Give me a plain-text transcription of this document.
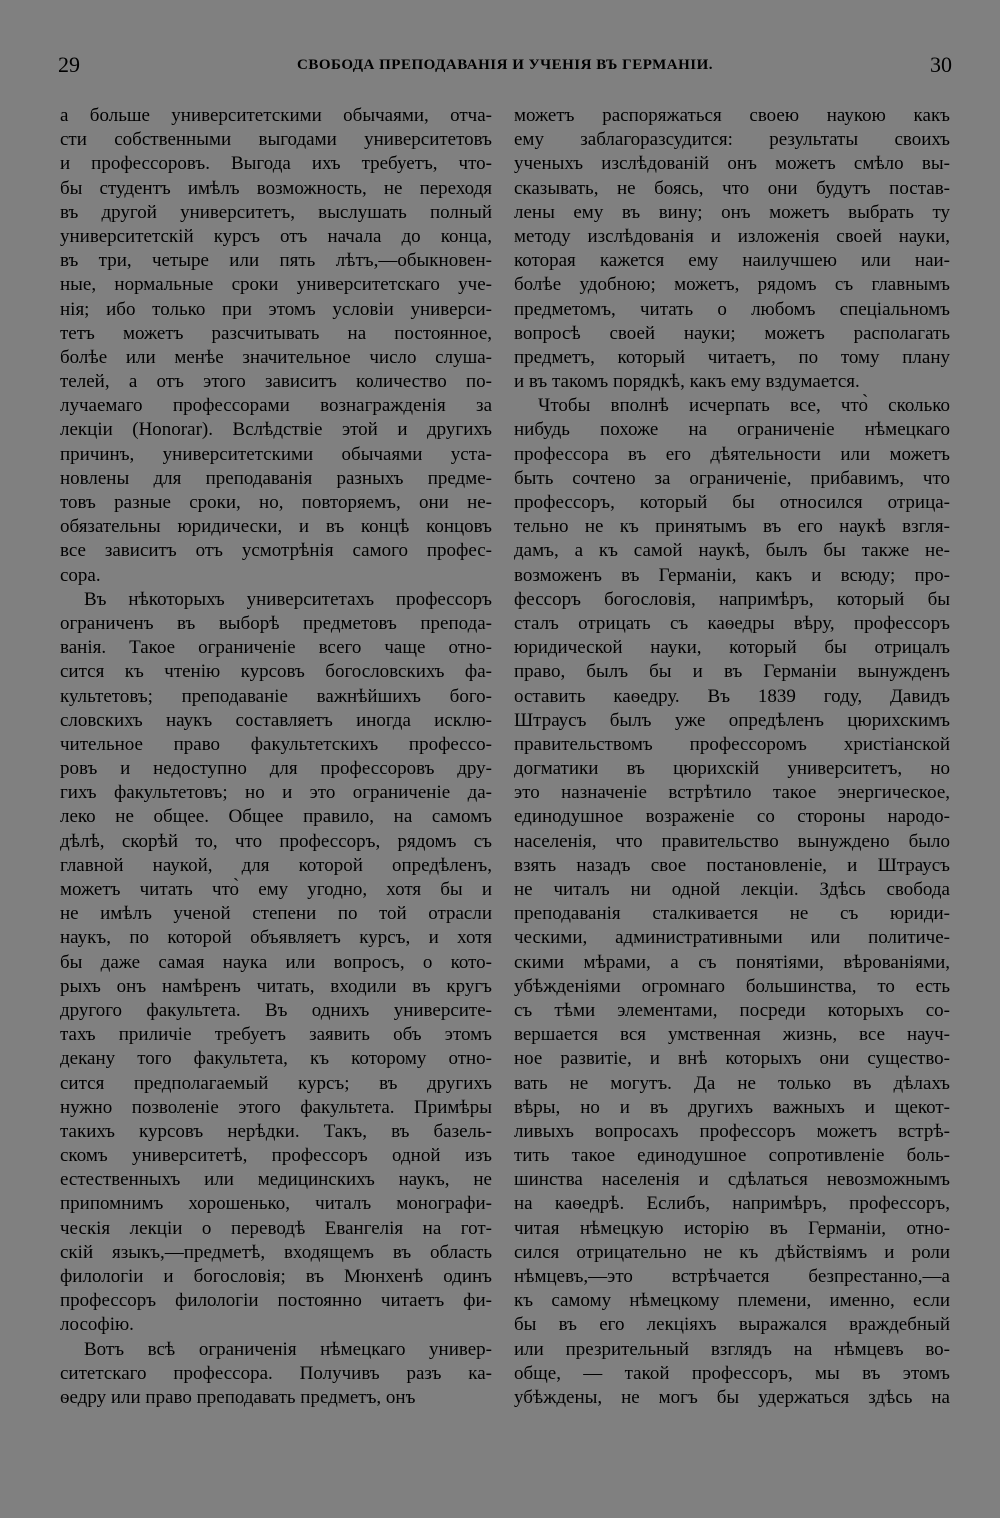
29	СВОБОДА ПРЕПОДАВАНІЯ И УЧЕНІЯ ВЪ ГЕРМАНІИ.	30
а больше университетскими обычаями, отча-
сти собственными выгодами университетовъ
и профессоровъ. Выгода ихъ требуетъ, что-
бы студентъ имѣлъ возможность, не переходя
въ другой университетъ, выслушать полный
университетскій курсъ отъ начала до конца,
въ три, четыре или пять лѣтъ,—обыкновен-
ные, нормальные сроки университетскаго уче-
нія; ибо только при этомъ условіи универси-
тетъ можетъ разсчитывать на постоянное,
болѣе или менѣе значительное число слуша-
телей, а отъ этого зависитъ количество по-
лучаемаго профессорами вознагражденія за
лекціи (Honorar). Вслѣдствіе этой и другихъ
причинъ, университетскими обычаями уста-
новлены для преподаванія разныхъ предме-
товъ разные сроки, но, повторяемъ, они не-
обязательны юридически, и въ концѣ концовъ
все зависитъ отъ усмотрѣнія самого профес-
сора.
Въ нѣкоторыхъ университетахъ профессоръ
ограниченъ въ выборѣ предметовъ препода-
ванія. Такое ограниченіе всего чаще отно-
сится къ чтенію курсовъ богословскихъ фа-
культетовъ; преподаваніе важнѣйшихъ бого-
словскихъ наукъ составляетъ иногда исклю-
чительное право факультетскихъ профессо-
ровъ и недоступно для профессоровъ дру-
гихъ факультетовъ; но и это ограниченіе да-
леко не общее. Общее правило, на самомъ
дѣлѣ, скорѣй то, что профессоръ, рядомъ съ
главной наукой, для которой опредѣленъ,
можетъ читать что̀ ему угодно, хотя бы и
не имѣлъ ученой степени по той отрасли
наукъ, по которой объявляетъ курсъ, и хотя
бы даже самая наука или вопросъ, о кото-
рыхъ онъ намѣренъ читать, входили въ кругъ
другого факультета. Въ однихъ университе-
тахъ приличіе требуетъ заявить объ этомъ
декану того факультета, къ которому отно-
сится предполагаемый курсъ; въ другихъ
нужно позволеніе этого факультета. Примѣры
такихъ курсовъ нерѣдки. Такъ, въ базель-
скомъ университетѣ, профессоръ одной изъ
естественныхъ или медицинскихъ наукъ, не
припомнимъ хорошенько, читалъ монографи-
ческія лекціи о переводѣ Евангелія на гот-
скій языкъ,—предметѣ, входящемъ въ область
филологіи и богословія; въ Мюнхенѣ одинъ
профессоръ филологіи постоянно читаетъ фи-
лософію.
Вотъ всѣ ограниченія нѣмецкаго универ-
ситетскаго профессора. Получивъ разъ ка-
ѳедру или право преподавать предметъ, онъ
можетъ распоряжаться своею наукою какъ
ему заблагоразсудится: результаты своихъ
ученыхъ изслѣдованій онъ можетъ смѣло вы-
сказывать, не боясь, что они будутъ постав-
лены ему въ вину; онъ можетъ выбрать ту
методу изслѣдованія и изложенія своей науки,
которая кажется ему наилучшею или наи-
болѣе удобною; можетъ, рядомъ съ главнымъ
предметомъ, читать о любомъ спеціальномъ
вопросѣ своей науки; можетъ располагать
предметъ, который читаетъ, по тому плану
и въ такомъ порядкѣ, какъ ему вздумается.
Чтобы вполнѣ исчерпать все, что̀ сколько
нибудь похоже на ограниченіе нѣмецкаго
профессора въ его дѣятельности или можетъ
быть сочтено за ограниченіе, прибавимъ, что
профессоръ, который бы относился отрица-
тельно не къ принятымъ въ его наукѣ взгля-
дамъ, а къ самой наукѣ, былъ бы также не-
возможенъ въ Германіи, какъ и всюду; про-
фессоръ богословія, напримѣръ, который бы
сталъ отрицать съ каѳедры вѣру, профессоръ
юридической науки, который бы отрицалъ
право, былъ бы и въ Германіи вынужденъ
оставить каѳедру. Въ 1839 году, Давидъ
Штраусъ былъ уже опредѣленъ цюрихскимъ
правительствомъ профессоромъ христіанской
догматики въ цюрихскій университетъ, но
это назначеніе встрѣтило такое энергическое,
единодушное возраженіе со стороны народо-
населенія, что правительство вынуждено было
взять назадъ свое постановленіе, и Штраусъ
не читалъ ни одной лекціи. Здѣсь свобода
преподаванія сталкивается не съ юриди-
ческими, административными или политиче-
скими мѣрами, а съ понятіями, вѣрованіями,
убѣжденіями огромнаго большинства, то есть
съ тѣми элементами, посреди которыхъ со-
вершается вся умственная жизнь, все науч-
ное развитіе, и внѣ которыхъ они существо-
вать не могутъ. Да не только въ дѣлахъ
вѣры, но и въ другихъ важныхъ и щекот-
ливыхъ вопросахъ профессоръ можетъ встрѣ-
тить такое единодушное сопротивленіе боль-
шинства населенія и сдѣлаться невозможнымъ
на каѳедрѣ. Еслибъ, напримѣръ, профессоръ,
читая нѣмецкую исторію въ Германіи, отно-
сился отрицательно не къ дѣйствіямъ и роли
нѣмцевъ,—это встрѣчается безпрестанно,—а
къ самому нѣмецкому племени, именно, если
бы въ его лекціяхъ выражался враждебный
или презрительный взглядъ на нѣмцевъ во-
обще, — такой профессоръ, мы въ этомъ
убѣждены, не могъ бы удержаться здѣсь на
